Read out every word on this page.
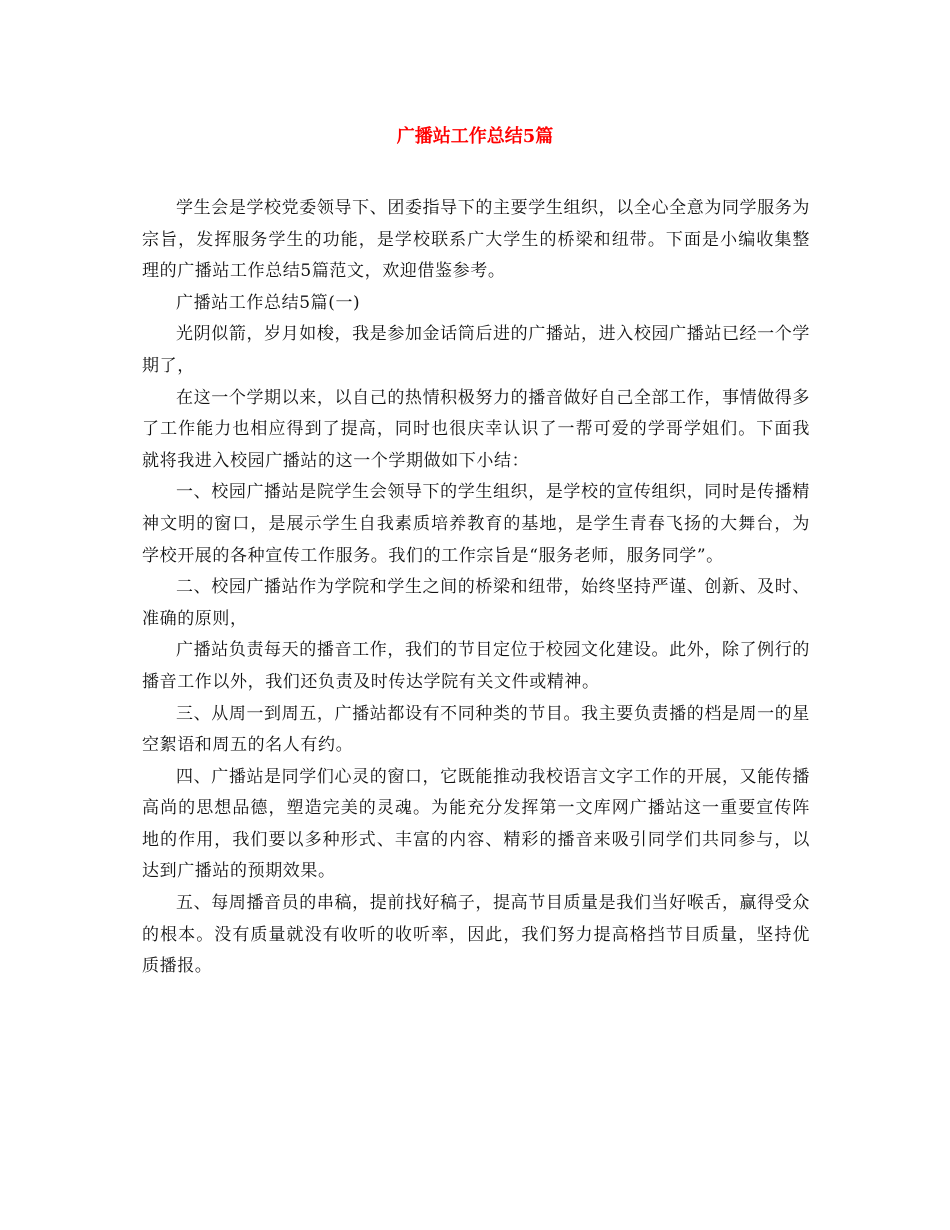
广播站工作总结5篇

学生会是学校党委领导下、团委指导下的主要学生组织，以全心全意为同学服务为宗旨，发挥服务学生的功能，是学校联系广大学生的桥梁和纽带。下面是小编收集整理的广播站工作总结5篇范文，欢迎借鉴参考。

广播站工作总结5篇(一)

光阴似箭，岁月如梭，我是参加金话筒后进的广播站，进入校园广播站已经一个学期了，

在这一个学期以来，以自己的热情积极努力的播音做好自己全部工作，事情做得多了工作能力也相应得到了提高，同时也很庆幸认识了一帮可爱的学哥学姐们。下面我就将我进入校园广播站的这一个学期做如下小结：

一、校园广播站是院学生会领导下的学生组织，是学校的宣传组织，同时是传播精神文明的窗口，是展示学生自我素质培养教育的基地，是学生青春飞扬的大舞台，为学校开展的各种宣传工作服务。我们的工作宗旨是“服务老师，服务同学”。

二、校园广播站作为学院和学生之间的桥梁和纽带，始终坚持严谨、创新、及时、准确的原则，

广播站负责每天的播音工作，我们的节目定位于校园文化建设。此外，除了例行的播音工作以外，我们还负责及时传达学院有关文件或精神。

三、从周一到周五，广播站都设有不同种类的节目。我主要负责播的档是周一的星空絮语和周五的名人有约。

四、广播站是同学们心灵的窗口，它既能推动我校语言文字工作的开展，又能传播高尚的思想品德，塑造完美的灵魂。为能充分发挥第一文库网广播站这一重要宣传阵地的作用，我们要以多种形式、丰富的内容、精彩的播音来吸引同学们共同参与，以达到广播站的预期效果。

五、每周播音员的串稿，提前找好稿子，提高节目质量是我们当好喉舌，赢得受众的根本。没有质量就没有收听的收听率，因此，我们努力提高格挡节目质量，坚持优质播报。
